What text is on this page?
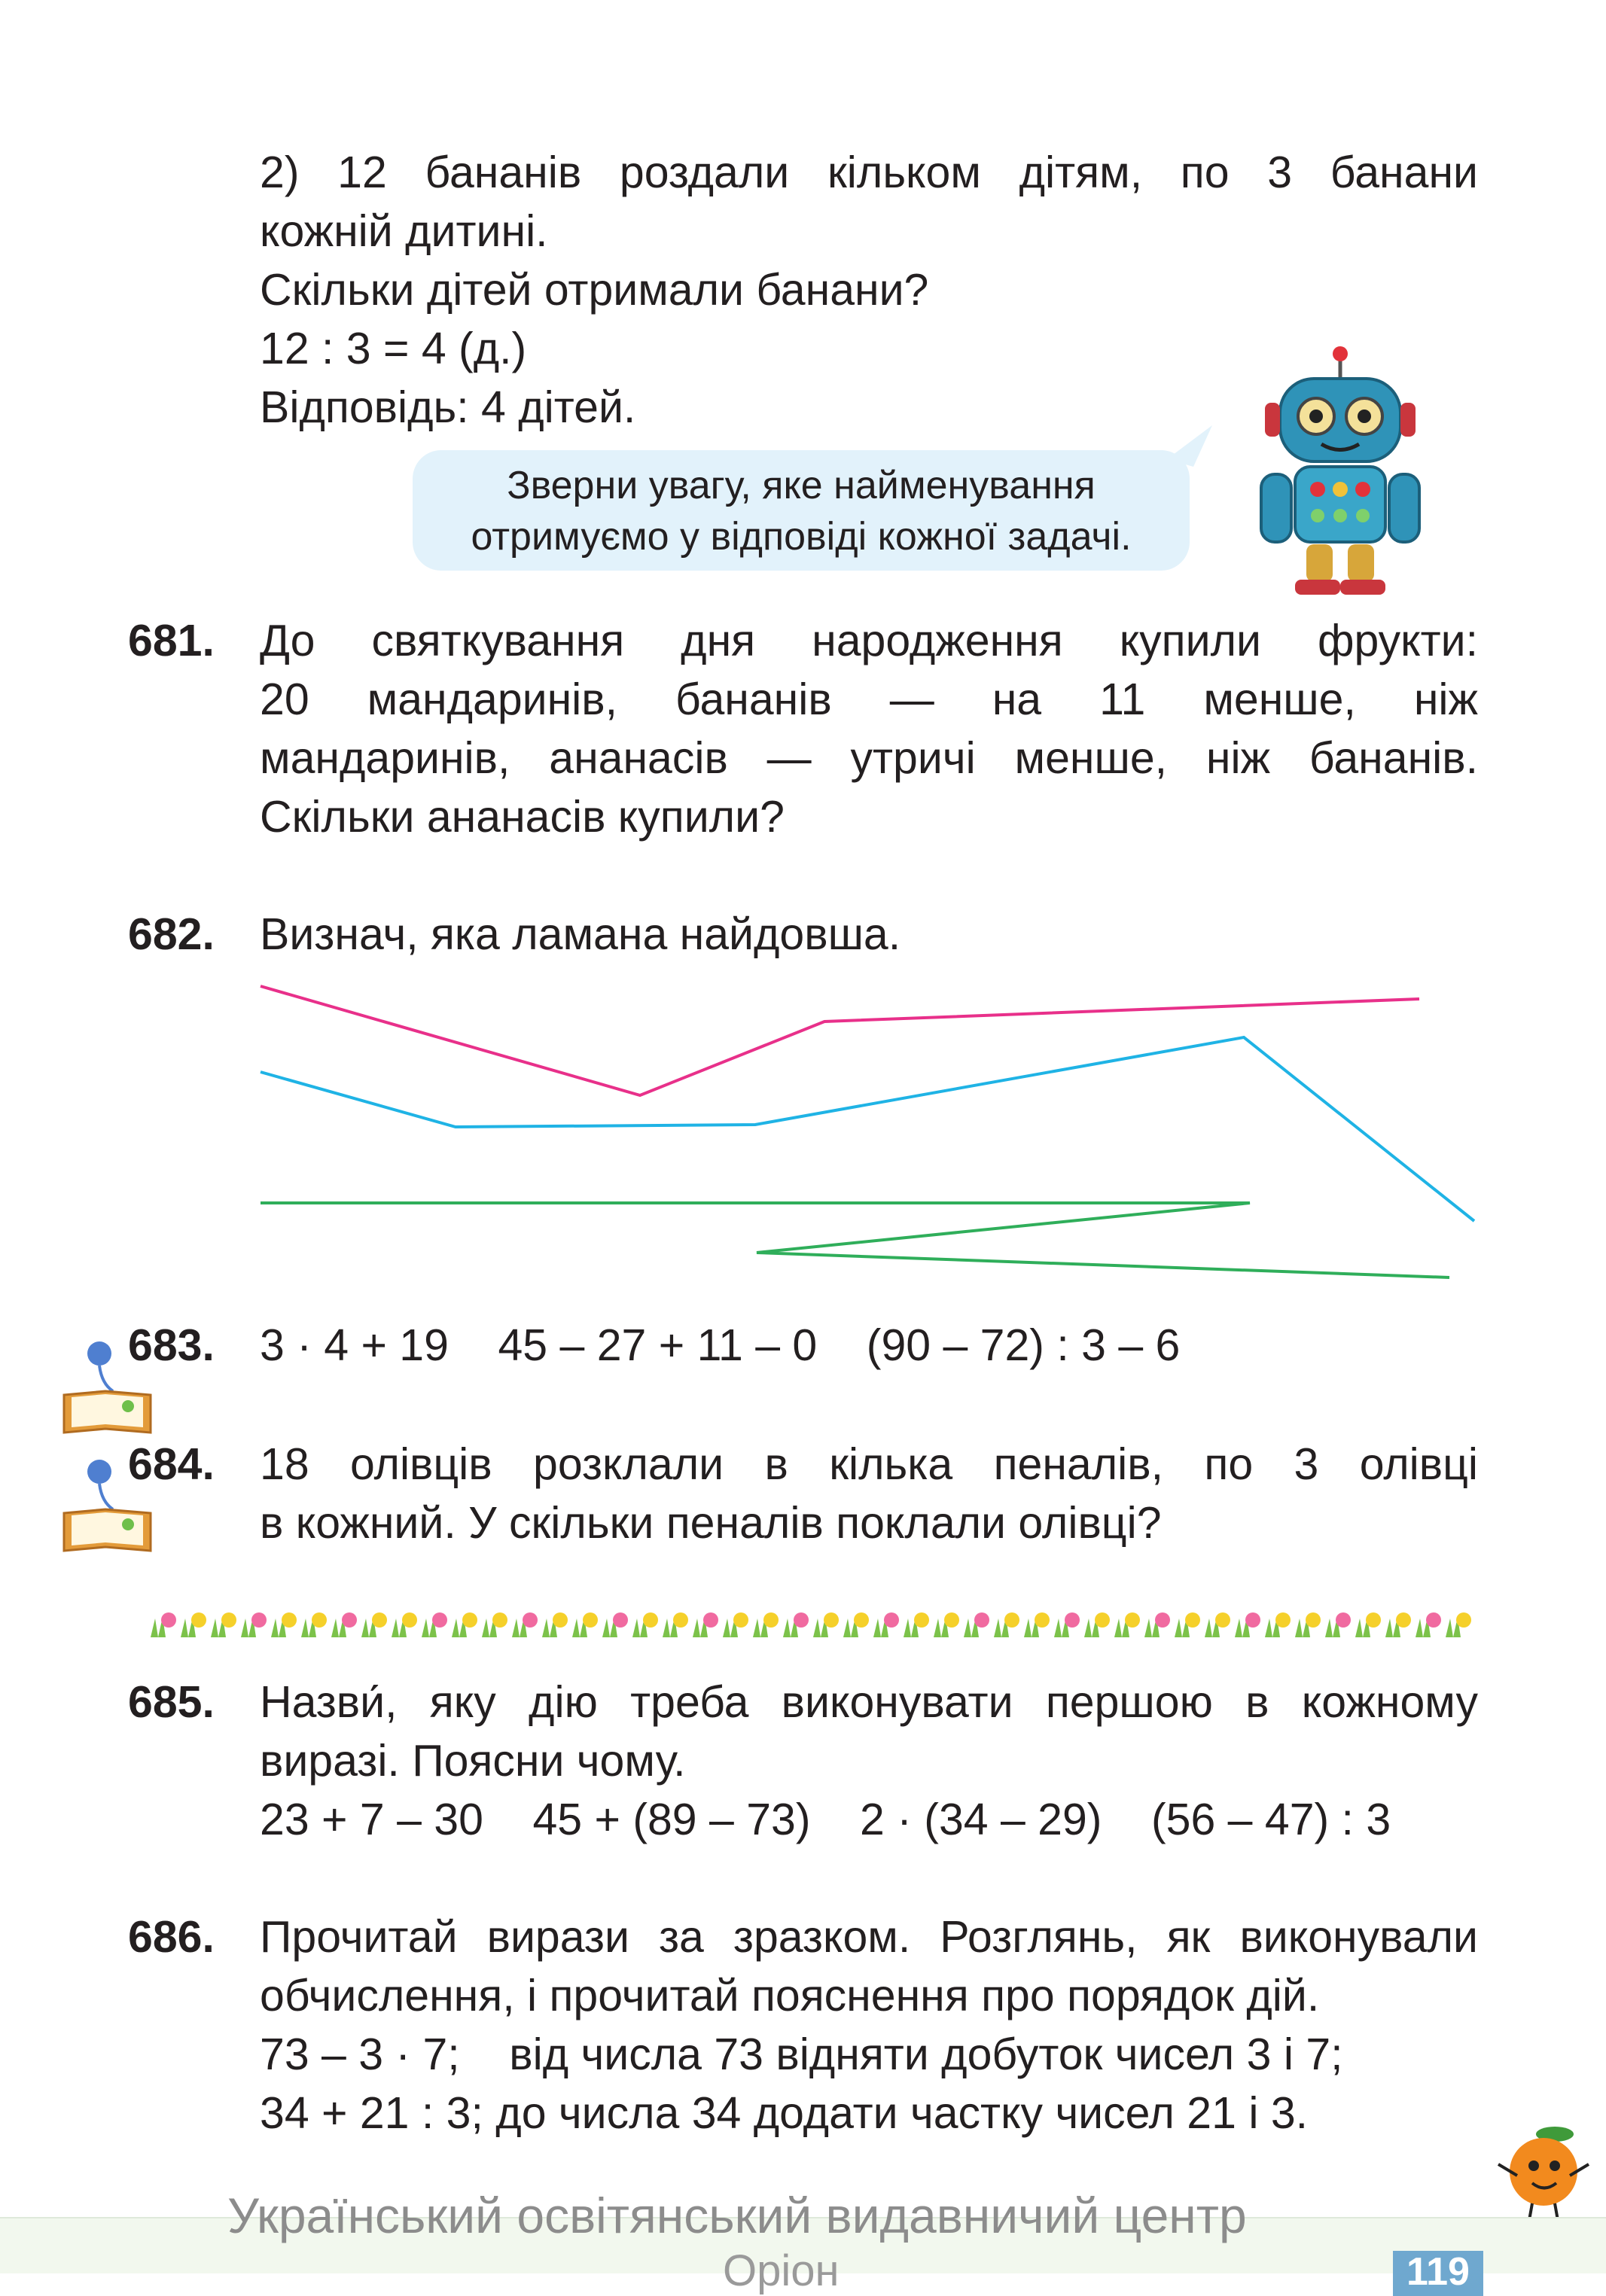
2) 12 бананів роздали кільком дітям, по 3 банани
кожній дитині.
Скільки дітей отримали банани?
12 : 3 = 4 (д.)
Відповідь: 4 дітей.
Зверни увагу, яке найменування
отримуємо у відповіді кожної задачі.
681. До святкування дня народження купили фрукти:
20 мандаринів, бананів — на 11 менше, ніж
мандаринів, ананасів — утричі менше, ніж бананів.
Скільки ананасів купили?
682. Визнач, яка ламана найдовша.
683. 3 · 4 + 19    45 – 27 + 11 – 0    (90 – 72) : 3 – 6
684. 18 олівців розклали в кілька пеналів, по 3 олівці
в кожний. У скільки пеналів поклали олівці?
685. Назви́, яку дію треба виконувати першою в кожному
виразі. Поясни чому.
23 + 7 – 30    45 + (89 – 73)    2 · (34 – 29)    (56 – 47) : 3
686. Прочитай вирази за зразком. Розглянь, як виконували
обчислення, і прочитай пояснення про порядок дій.
73 – 3 · 7;    від числа 73 відняти добуток чисел 3 і 7;
34 + 21 : 3; до числа 34 додати частку чисел 21 і 3.
Український освітянський видавничий центр
Оріон	119
